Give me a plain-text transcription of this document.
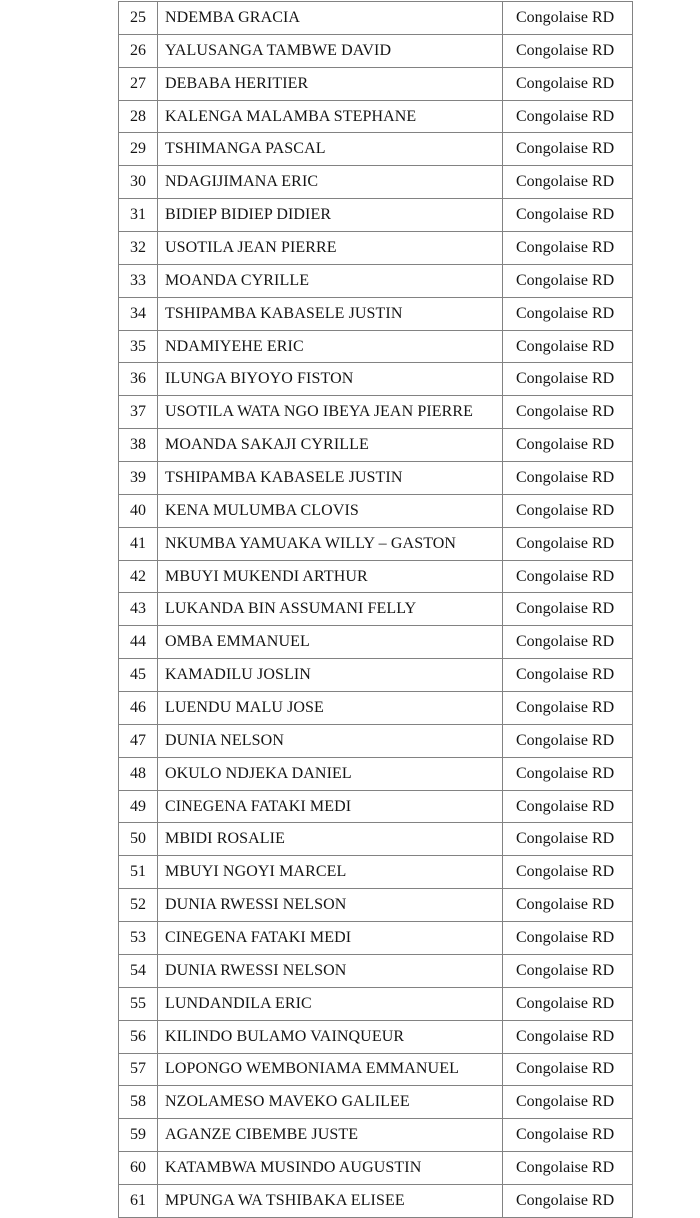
25	NDEMBA GRACIA	Congolaise RD
26	YALUSANGA TAMBWE DAVID	Congolaise RD
27	DEBABA HERITIER	Congolaise RD
28	KALENGA MALAMBA STEPHANE	Congolaise RD
29	TSHIMANGA PASCAL	Congolaise RD
30	NDAGIJIMANA ERIC	Congolaise RD
31	BIDIEP BIDIEP DIDIER	Congolaise RD
32	USOTILA JEAN PIERRE	Congolaise RD
33	MOANDA CYRILLE	Congolaise RD
34	TSHIPAMBA KABASELE JUSTIN	Congolaise RD
35	NDAMIYEHE ERIC	Congolaise RD
36	ILUNGA BIYOYO FISTON	Congolaise RD
37	USOTILA WATA NGO IBEYA JEAN PIERRE	Congolaise RD
38	MOANDA SAKAJI CYRILLE	Congolaise RD
39	TSHIPAMBA KABASELE JUSTIN	Congolaise RD
40	KENA MULUMBA CLOVIS	Congolaise RD
41	NKUMBA YAMUAKA WILLY – GASTON	Congolaise RD
42	MBUYI MUKENDI ARTHUR	Congolaise RD
43	LUKANDA BIN ASSUMANI FELLY	Congolaise RD
44	OMBA EMMANUEL	Congolaise RD
45	KAMADILU JOSLIN	Congolaise RD
46	LUENDU MALU JOSE	Congolaise RD
47	DUNIA NELSON	Congolaise RD
48	OKULO NDJEKA DANIEL	Congolaise RD
49	CINEGENA FATAKI MEDI	Congolaise RD
50	MBIDI ROSALIE	Congolaise RD
51	MBUYI NGOYI MARCEL	Congolaise RD
52	DUNIA RWESSI NELSON	Congolaise RD
53	CINEGENA FATAKI MEDI	Congolaise RD
54	DUNIA RWESSI NELSON	Congolaise RD
55	LUNDANDILA ERIC	Congolaise RD
56	KILINDO BULAMO VAINQUEUR	Congolaise RD
57	LOPONGO WEMBONIAMA EMMANUEL	Congolaise RD
58	NZOLAMESO MAVEKO GALILEE	Congolaise RD
59	AGANZE CIBEMBE JUSTE	Congolaise RD
60	KATAMBWA MUSINDO AUGUSTIN	Congolaise RD
61	MPUNGA WA TSHIBAKA ELISEE	Congolaise RD
